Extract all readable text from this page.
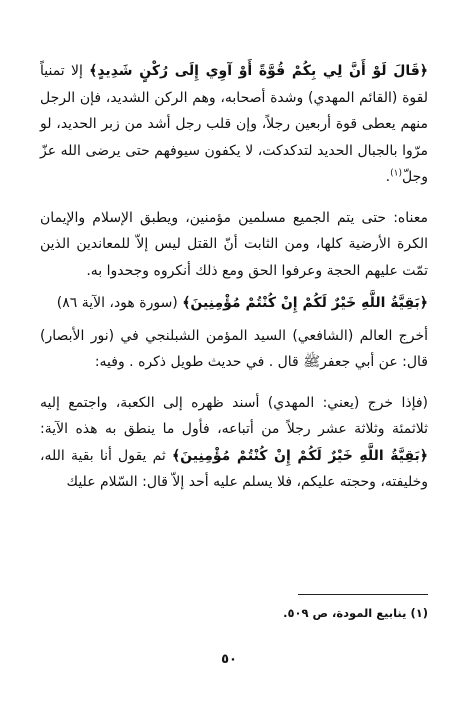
﴿قَالَ لَوْ أَنَّ لِي بِكُمْ قُوَّةً أَوْ آوِي إِلَى رُكْنٍ شَدِيدٍ﴾ إلا تمنياً لقوة (القائم المهدي) وشدة أصحابه، وهم الركن الشديد، فإن الرجل منهم يعطى قوة أربعين رجلاً، وإن قلب رجل أشد من زبر الحديد، لو مرّوا بالجبال الحديد لتدكدكت، لا يكفون سيوفهم حتى يرضى الله عزّ وجلّ$^{(١)}$.

معناه: حتى يتم الجميع مسلمين مؤمنين، ويطبق الإسلام والإيمان الكرة الأرضية كلها، ومن الثابت أنّ القتل ليس إلاّ للمعاندين الذين تمّت عليهم الحجة وعرفوا الحق ومع ذلك أنكروه وجحدوا به.

﴿بَقِيَّةُ اللَّهِ خَيْرٌ لَكُمْ إِنْ كُنْتُمْ مُؤْمِنِينَ﴾ (سورة هود، الآية ٨٦)

أخرج العالم (الشافعي) السيد المؤمن الشبلنجي في (نور الأبصار) قال: عن أبي جعفرﷺ قال . في حديث طويل ذكره . وفيه:

(فإذا خرج (يعني: المهدي) أسند ظهره إلى الكعبة، واجتمع إليه ثلاثمئة وثلاثة عشر رجلاً من أتباعه، فأول ما ينطق به هذه الآية: ﴿بَقِيَّةُ اللَّهِ خَيْرٌ لَكُمْ إِنْ كُنْتُمْ مُؤْمِنِينَ﴾ ثم يقول أنا بقية الله، وخليفته، وحجته عليكم، فلا يسلم عليه أحد إلاّ قال: السّلام عليك

(١) ينابيع المودة، ص ٥٠٩.
٥٠
